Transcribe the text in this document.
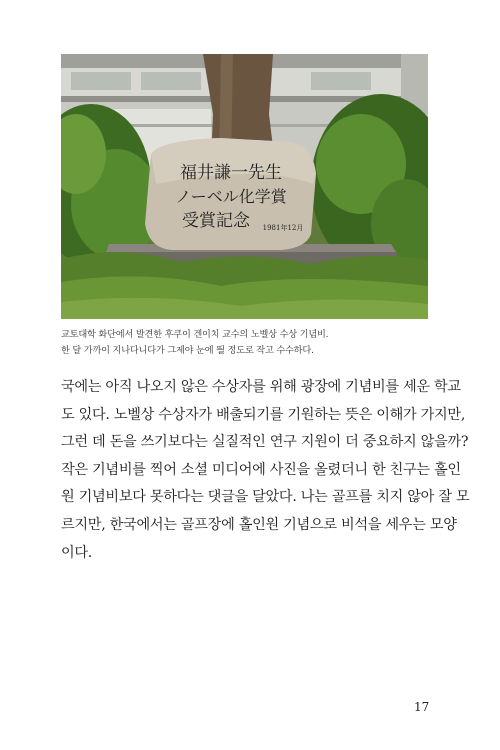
福井謙一先生
ノーベル化学賞
受賞記念 1981年12月
교토대학 화단에서 발견한 후쿠이 겐이치 교수의 노벨상 수상 기념비.
한 달 가까이 지나다니다가 그제야 눈에 띌 정도로 작고 수수하다.
국에는 아직 나오지 않은 수상자를 위해 광장에 기념비를 세운 학교
도 있다. 노벨상 수상자가 배출되기를 기원하는 뜻은 이해가 가지만,
그런 데 돈을 쓰기보다는 실질적인 연구 지원이 더 중요하지 않을까?
작은 기념비를 찍어 소셜 미디어에 사진을 올렸더니 한 친구는 홀인
원 기념비보다 못하다는 댓글을 달았다. 나는 골프를 치지 않아 잘 모
르지만, 한국에서는 골프장에 홀인원 기념으로 비석을 세우는 모양
이다.
17
